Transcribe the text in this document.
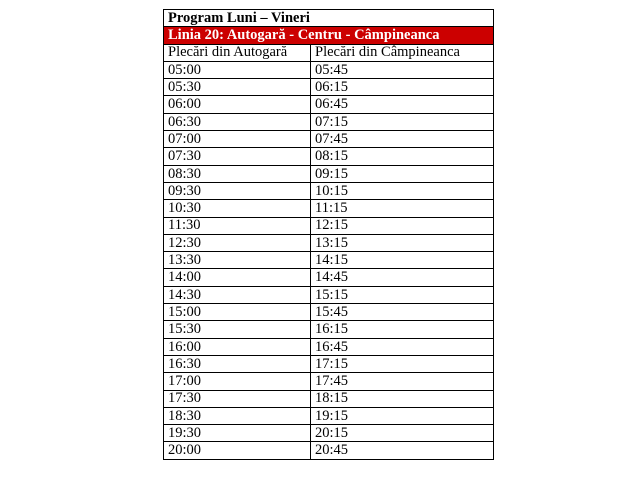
Program Luni – Vineri	
Linia 20: Autogară - Centru - Câmpineanca	
Plecări din Autogară	Plecări din Câmpineanca
05:00	05:45
05:30	06:15
06:00	06:45
06:30	07:15
07:00	07:45
07:30	08:15
08:30	09:15
09:30	10:15
10:30	11:15
11:30	12:15
12:30	13:15
13:30	14:15
14:00	14:45
14:30	15:15
15:00	15:45
15:30	16:15
16:00	16:45
16:30	17:15
17:00	17:45
17:30	18:15
18:30	19:15
19:30	20:15
20:00	20:45
